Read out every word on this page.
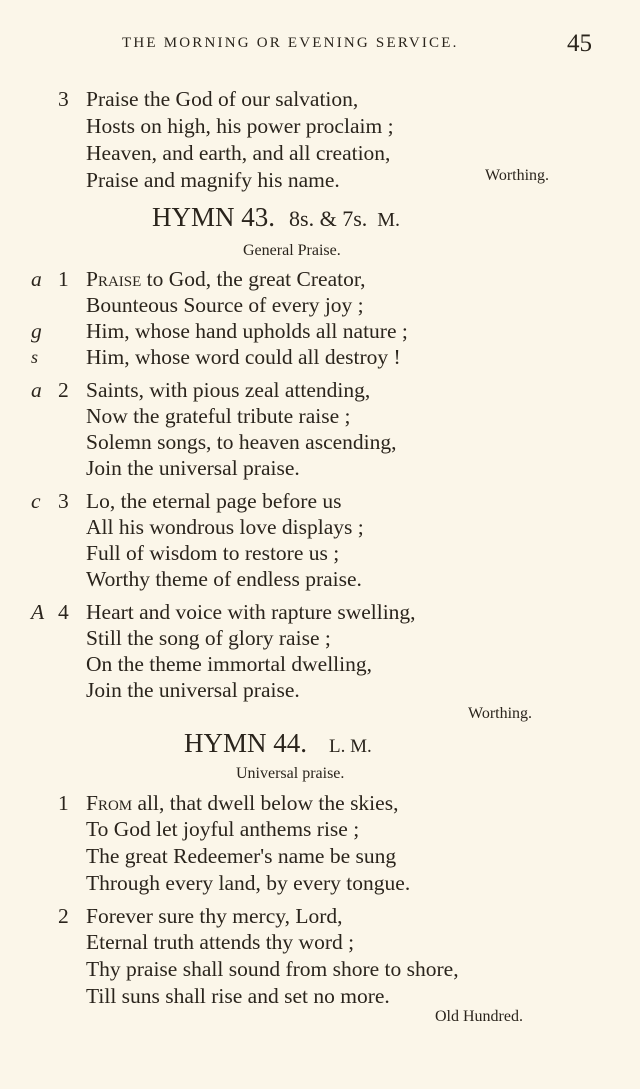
THE MORNING OR EVENING SERVICE.	45
3 Praise the God of our salvation,
Hosts on high, his power proclaim ;
Heaven, and earth, and all creation,
Praise and magnify his name.	Worthing.
HYMN 43. 8s. & 7s. M.
General Praise.
a 1 Praise to God, the great Creator,
Bounteous Source of every joy ;
g Him, whose hand upholds all nature ;
s Him, whose word could all destroy !
a 2 Saints, with pious zeal attending,
Now the grateful tribute raise ;
Solemn songs, to heaven ascending,
Join the universal praise.
c 3 Lo, the eternal page before us
All his wondrous love displays ;
Full of wisdom to restore us ;
Worthy theme of endless praise.
A 4 Heart and voice with rapture swelling,
Still the song of glory raise ;
On the theme immortal dwelling,
Join the universal praise.
Worthing.
HYMN 44. L. M.
Universal praise.
1 From all, that dwell below the skies,
To God let joyful anthems rise ;
The great Redeemer's name be sung
Through every land, by every tongue.
2 Forever sure thy mercy, Lord,
Eternal truth attends thy word ;
Thy praise shall sound from shore to shore,
Till suns shall rise and set no more.
Old Hundred.
